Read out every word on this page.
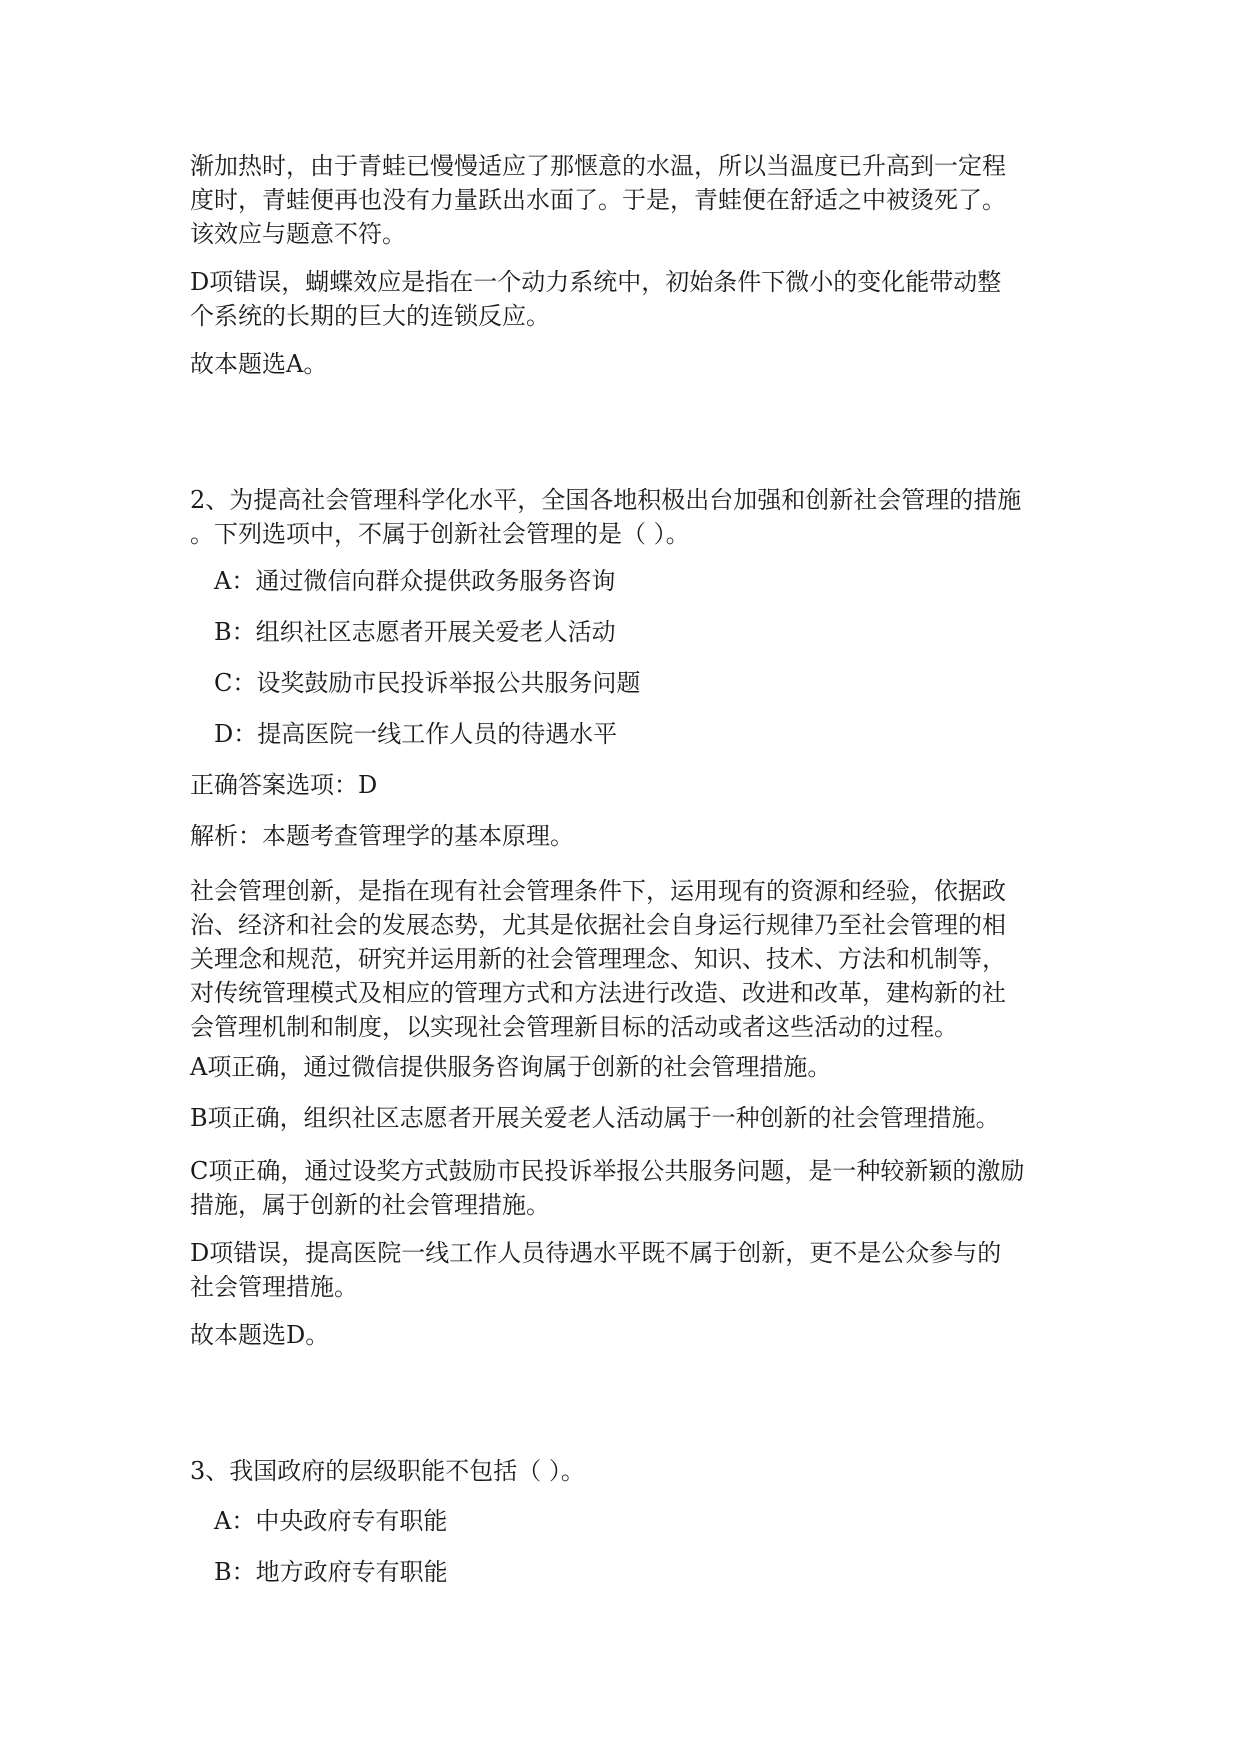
渐加热时，由于青蛙已慢慢适应了那惬意的水温，所以当温度已升高到一定程
度时，青蛙便再也没有力量跃出水面了。于是，青蛙便在舒适之中被烫死了。
该效应与题意不符。

D项错误，蝴蝶效应是指在一个动力系统中，初始条件下微小的变化能带动整
个系统的长期的巨大的连锁反应。

故本题选A。

2、为提高社会管理科学化水平，全国各地积极出台加强和创新社会管理的措施
。下列选项中，不属于创新社会管理的是（ ）。

A：通过微信向群众提供政务服务咨询

B：组织社区志愿者开展关爱老人活动

C：设奖鼓励市民投诉举报公共服务问题

D：提高医院一线工作人员的待遇水平

正确答案选项：D

解析：本题考查管理学的基本原理。

社会管理创新，是指在现有社会管理条件下，运用现有的资源和经验，依据政
治、经济和社会的发展态势，尤其是依据社会自身运行规律乃至社会管理的相
关理念和规范，研究并运用新的社会管理理念、知识、技术、方法和机制等，
对传统管理模式及相应的管理方式和方法进行改造、改进和改革，建构新的社
会管理机制和制度，以实现社会管理新目标的活动或者这些活动的过程。

A项正确，通过微信提供服务咨询属于创新的社会管理措施。

B项正确，组织社区志愿者开展关爱老人活动属于一种创新的社会管理措施。

C项正确，通过设奖方式鼓励市民投诉举报公共服务问题，是一种较新颖的激励
措施，属于创新的社会管理措施。

D项错误，提高医院一线工作人员待遇水平既不属于创新，更不是公众参与的
社会管理措施。

故本题选D。

3、我国政府的层级职能不包括（ ）。

A：中央政府专有职能

B：地方政府专有职能
